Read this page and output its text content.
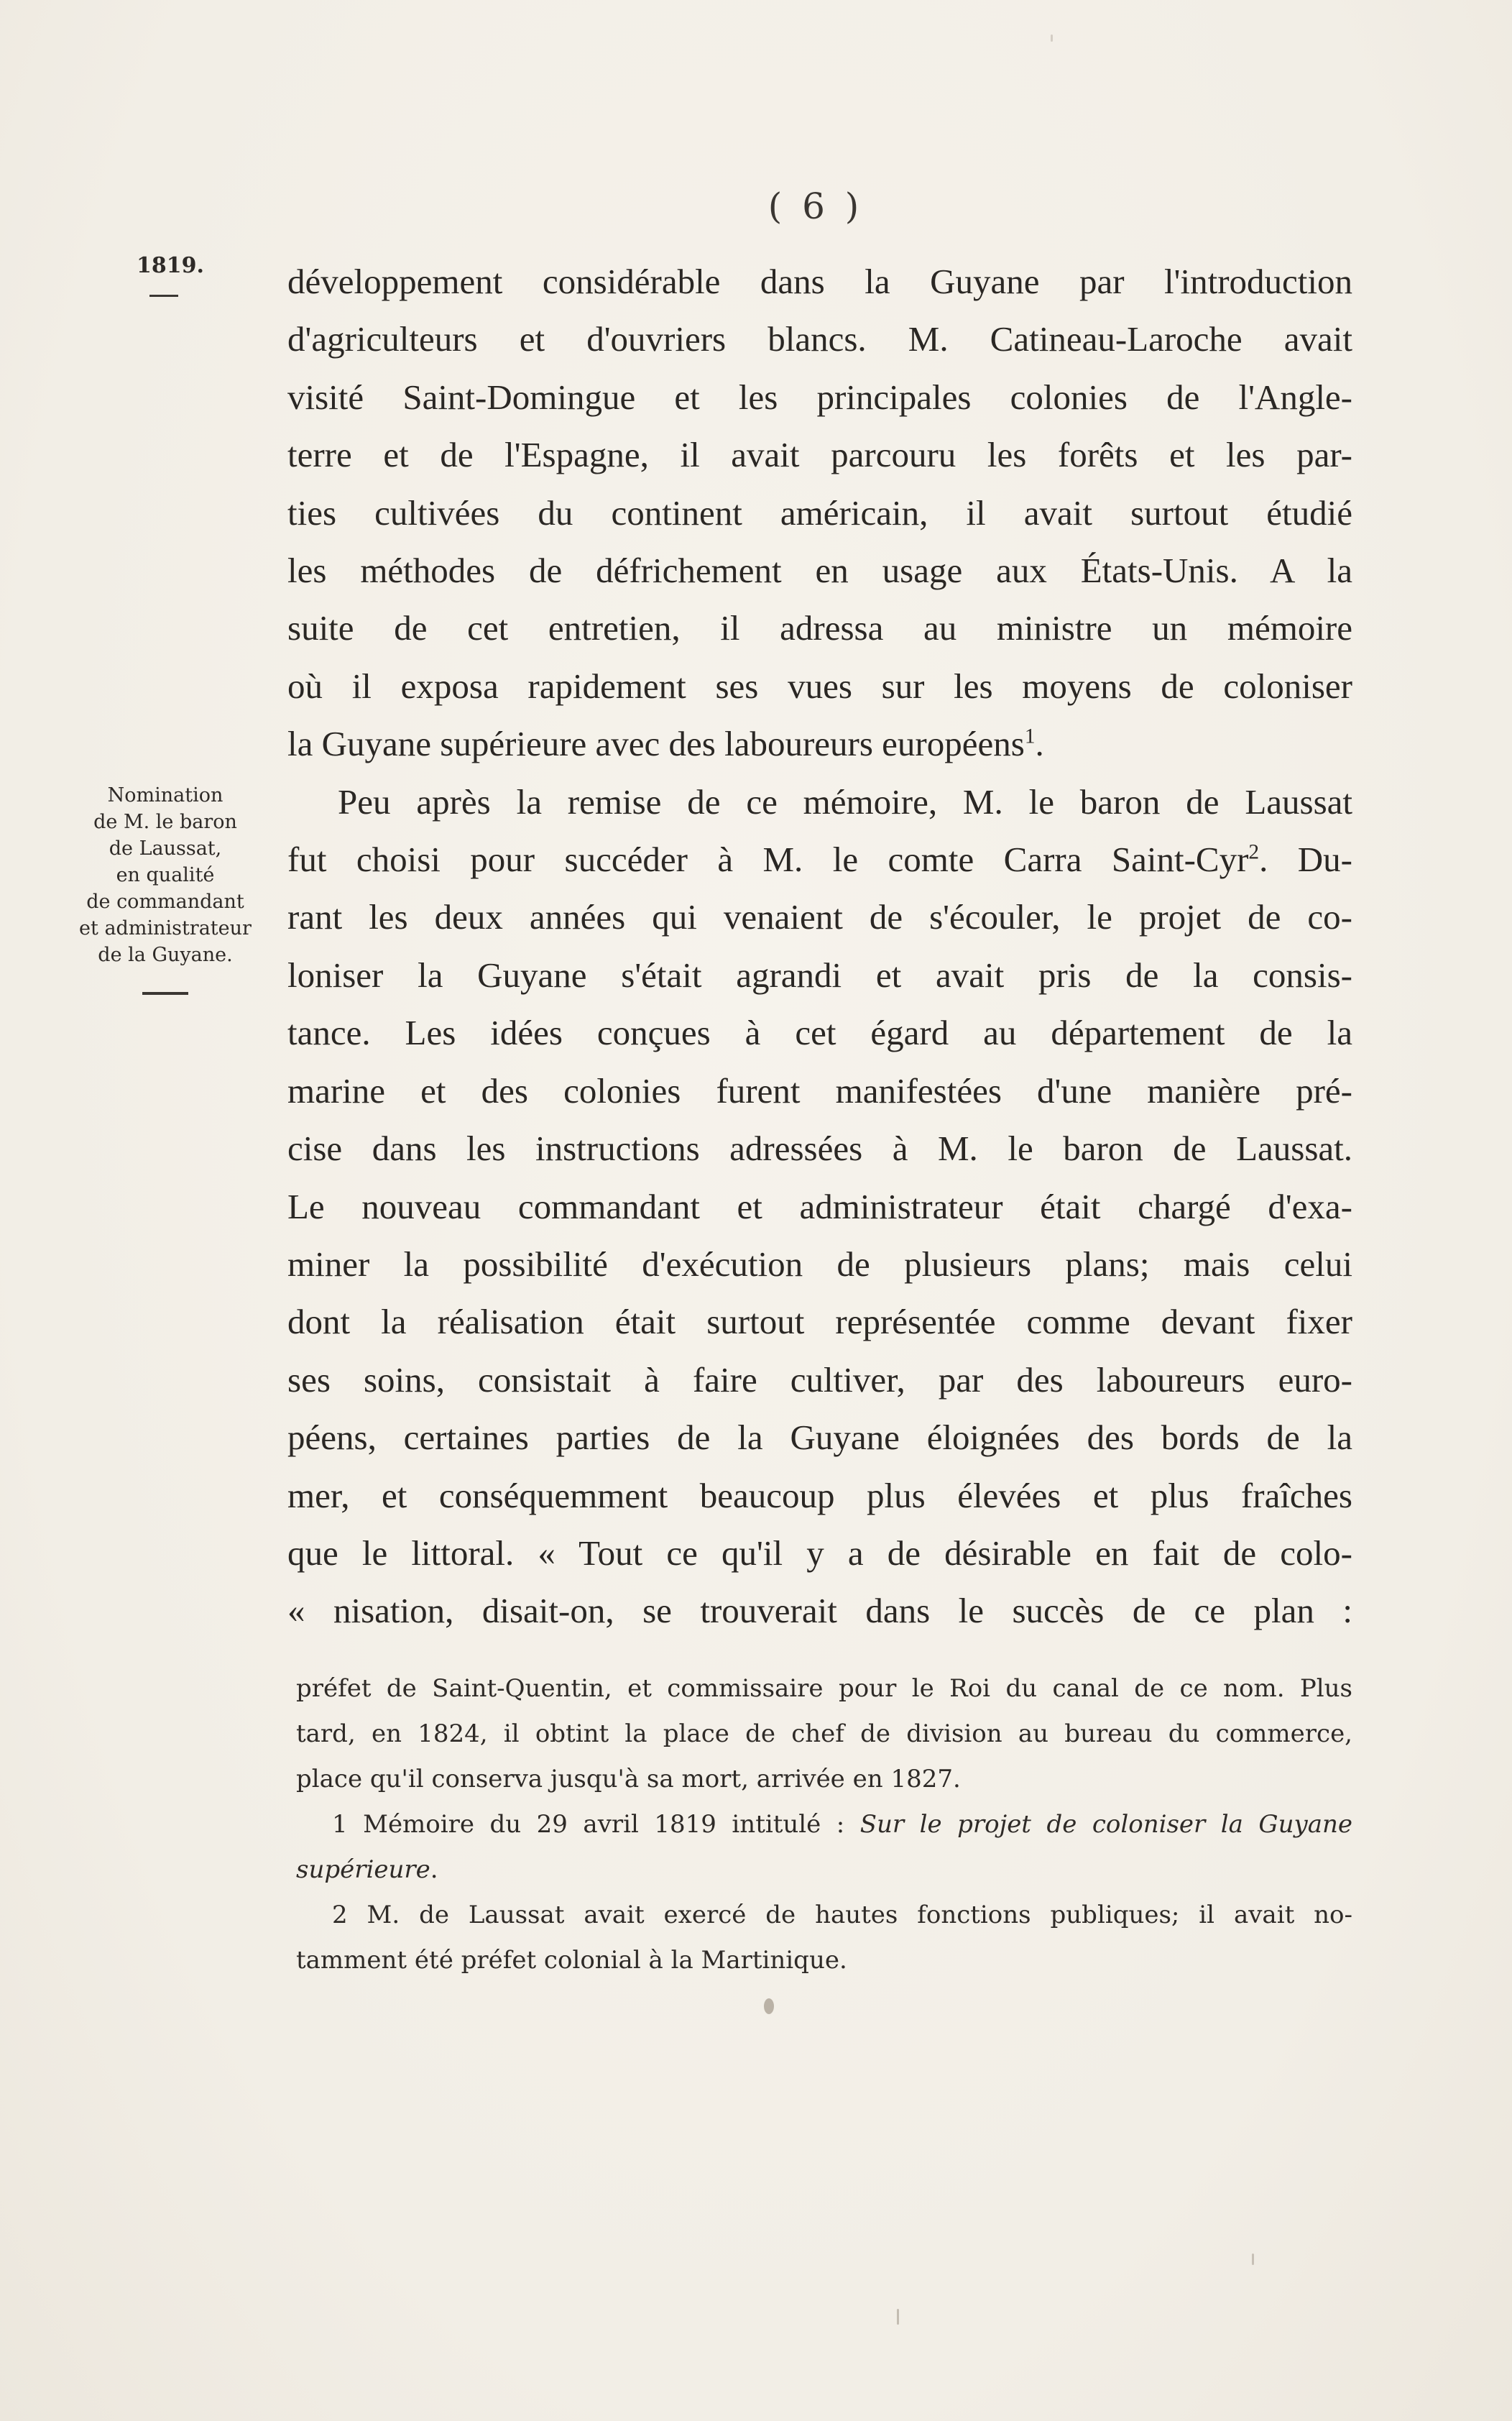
( 6 )
1819.
Nomination
de M. le baron
de Laussat,
en qualité
de commandant
et administrateur
de la Guyane.
développement considérable dans la Guyane par l'introduction
d'agriculteurs et d'ouvriers blancs. M. Catineau-Laroche avait
visité Saint-Domingue et les principales colonies de l'Angle-
terre et de l'Espagne, il avait parcouru les forêts et les par-
ties cultivées du continent américain, il avait surtout étudié
les méthodes de défrichement en usage aux États-Unis. A la
suite de cet entretien, il adressa au ministre un mémoire
où il exposa rapidement ses vues sur les moyens de coloniser
la Guyane supérieure avec des laboureurs européens$^1$.
Peu après la remise de ce mémoire, M. le baron de Laussat
fut choisi pour succéder à M. le comte Carra Saint-Cyr$^2$. Du-
rant les deux années qui venaient de s'écouler, le projet de co-
loniser la Guyane s'était agrandi et avait pris de la consis-
tance. Les idées conçues à cet égard au département de la
marine et des colonies furent manifestées d'une manière pré-
cise dans les instructions adressées à M. le baron de Laussat.
Le nouveau commandant et administrateur était chargé d'exa-
miner la possibilité d'exécution de plusieurs plans; mais celui
dont la réalisation était surtout représentée comme devant fixer
ses soins, consistait à faire cultiver, par des laboureurs euro-
péens, certaines parties de la Guyane éloignées des bords de la
mer, et conséquemment beaucoup plus élevées et plus fraîches
que le littoral. « Tout ce qu'il y a de désirable en fait de colo-
« nisation, disait-on, se trouverait dans le succès de ce plan :
préfet de Saint-Quentin, et commissaire pour le Roi du canal de ce nom. Plus
tard, en 1824, il obtint la place de chef de division au bureau du commerce,
place qu'il conserva jusqu'à sa mort, arrivée en 1827.
1 Mémoire du 29 avril 1819 intitulé : Sur le projet de coloniser la Guyane
supérieure.
2 M. de Laussat avait exercé de hautes fonctions publiques; il avait no-
tamment été préfet colonial à la Martinique.
